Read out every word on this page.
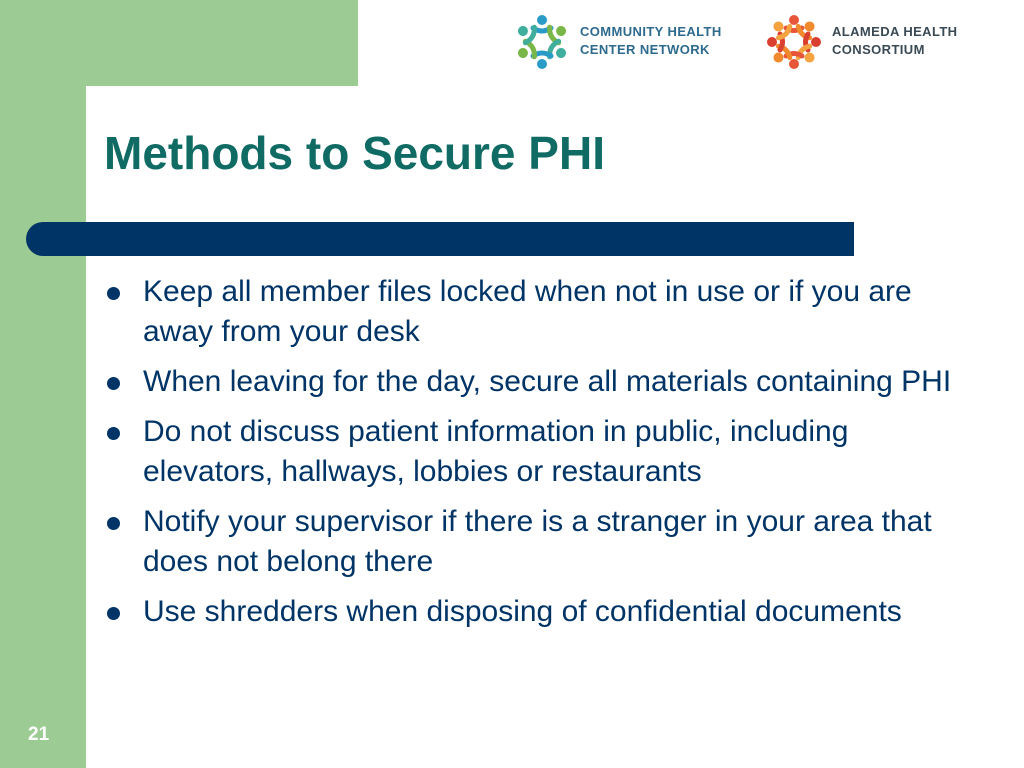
COMMUNITY HEALTH
CENTER NETWORK
ALAMEDA HEALTH
CONSORTIUM
Methods to Secure PHI
Keep all member files locked when not in use or if you are away from your desk
When leaving for the day, secure all materials containing PHI
Do not discuss patient information in public, including elevators, hallways, lobbies or restaurants
Notify your supervisor if there is a stranger in your area that does not belong there
Use shredders when disposing of confidential documents
21
